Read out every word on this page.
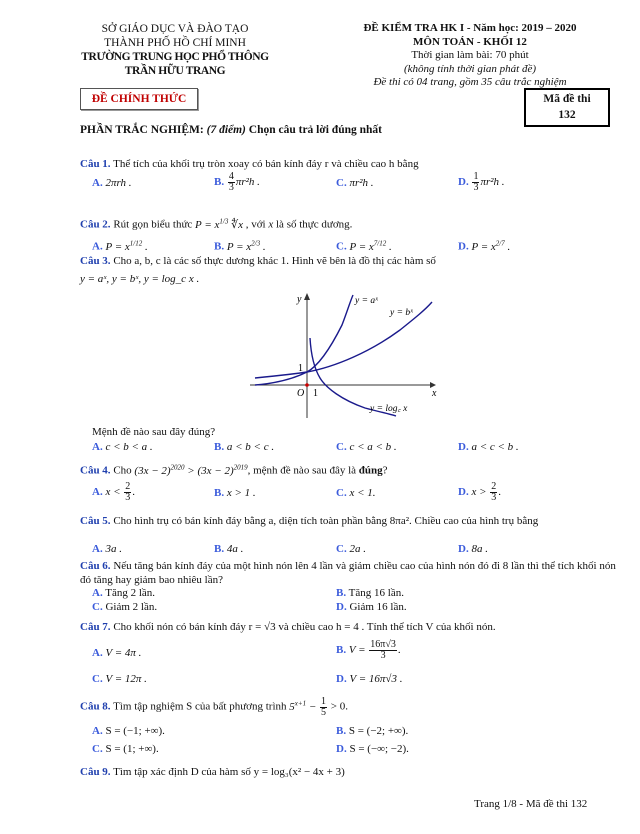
SỞ GIÁO DỤC VÀ ĐÀO TẠO
THÀNH PHỐ HỒ CHÍ MINH
TRƯỜNG TRUNG HỌC PHỔ THÔNG
TRẦN HỮU TRANG
ĐỀ KIỂM TRA HK I - Năm học: 2019 – 2020
MÔN TOÁN - KHỐI 12
Thời gian làm bài: 70 phút
(không tính thời gian phát đề)
Đề thi có 04 trang, gồm 35 câu trắc nghiệm
ĐỀ CHÍNH THỨC	Mã đề thi
132
PHẦN TRẮC NGHIỆM: (7 điểm) Chọn câu trả lời đúng nhất
Câu 1. Thể tích của khối trụ tròn xoay có bán kính đáy r và chiều cao h bằng
A. 2πrh .	B. $\frac{4}{3} \pi r^2h$ .	C. πr²h .	D. $\frac{1}{3} \pi r^2h$ .
Câu 2. Rút gọn biểu thức $P = x^{1/3}$ ∜x , với x là số thực dương.
A. $P = x^{1/12}$ .	B. $P = x^{2/3}$ .	C. $P = x^{7/12}$ .	D. $P = x^{2/7}$ .
Câu 3. Cho a, b, c là các số thực dương khác 1. Hình vẽ bên là đồ thị các hàm số
y = aˣ, y = bˣ, y = log_c x .
y
x
O 1
1
y = aˣ
y = bˣ
y = log꜀ x
Mệnh đề nào sau đây đúng?
A. c < b < a .	B. a < b < c .	C. c < a < b .	D. a < c < b .
Câu 4. Cho $(3x - 2)^{2020} > (3x - 2)^{2019}$, mệnh đề nào sau đây là đúng?
A. $x < \frac{2}{3}$ .	B. x > 1 .	C. x < 1.	D. $x > \frac{2}{3}$ .
Câu 5. Cho hình trụ có bán kính đáy bằng a, diện tích toàn phần bằng 8πa². Chiều cao của hình trụ bằng
A. 3a .	B. 4a .	C. 2a .	D. 8a .
Câu 6. Nếu tăng bán kính đáy của một hình nón lên 4 lần và giảm chiều cao của hình nón đó đi 8 lần thì thể tích khối nón đó tăng hay giảm bao nhiêu lần?
A. Tăng 2 lần.	B. Tăng 16 lần.
C. Giảm 2 lần.	D. Giảm 16 lần.
Câu 7. Cho khối nón có bán kính đáy r = √3 và chiều cao h = 4 . Tính thể tích V của khối nón.
A. V = 4π .	B. $V = \frac{16\pi√3}{3}$ .
C. V = 12π .	D. V = 16π√3 .
Câu 8. Tìm tập nghiệm S của bất phương trình $5^{x+1} - \frac{1}{5} > 0$.
A. S = (−1; +∞).	B. S = (−2; +∞).
C. S = (1; +∞).	D. S = (−∞; −2).
Câu 9. Tìm tập xác định D của hàm số y = log₃(x² − 4x + 3)
Trang 1/8 - Mã đề thi 132
